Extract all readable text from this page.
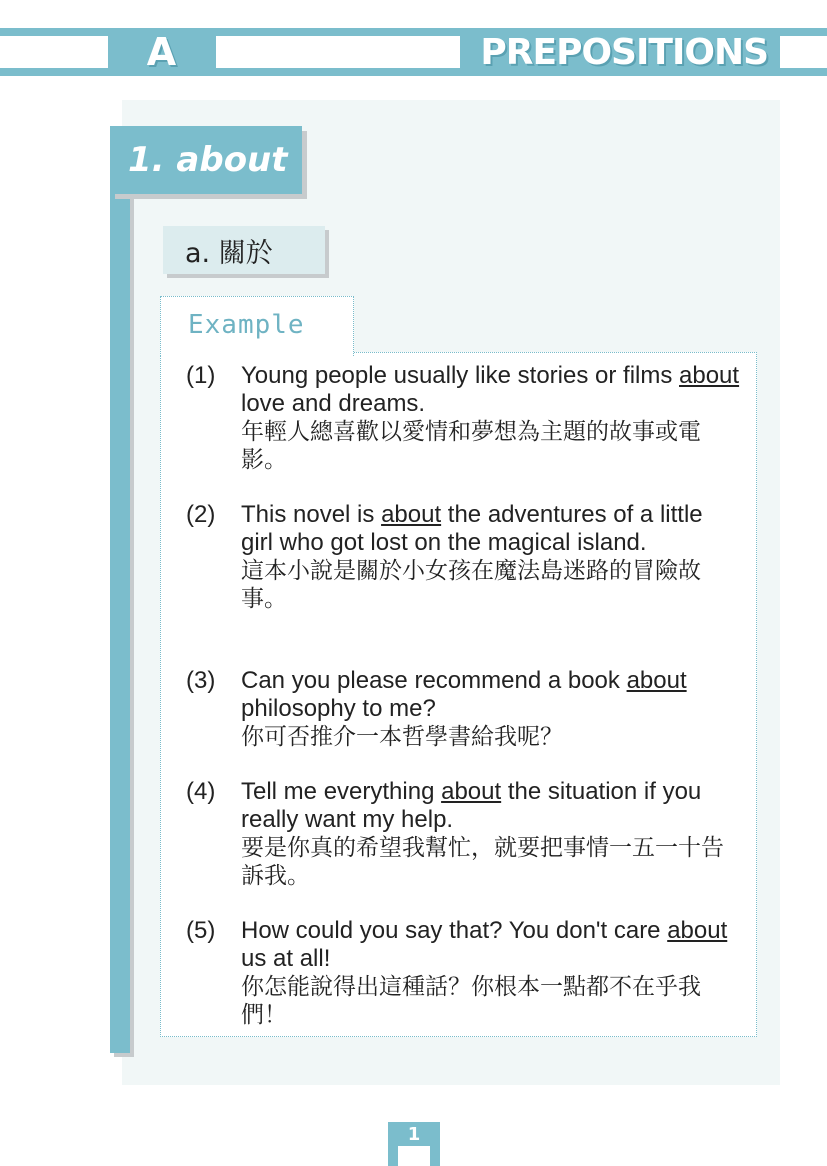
A	PREPOSITIONS
1. about
a. 關於
Example
(1) Young people usually like stories or films about love and dreams.
年輕人總喜歡以愛情和夢想為主題的故事或電影。
(2) This novel is about the adventures of a little girl who got lost on the magical island.
這本小說是關於小女孩在魔法島迷路的冒險故事。
(3) Can you please recommend a book about philosophy to me?
你可否推介一本哲學書給我呢？
(4) Tell me everything about the situation if you really want my help.
要是你真的希望我幫忙，就要把事情一五一十告訴我。
(5) How could you say that? You don't care about us at all!
你怎能說得出這種話？你根本一點都不在乎我們！
1
